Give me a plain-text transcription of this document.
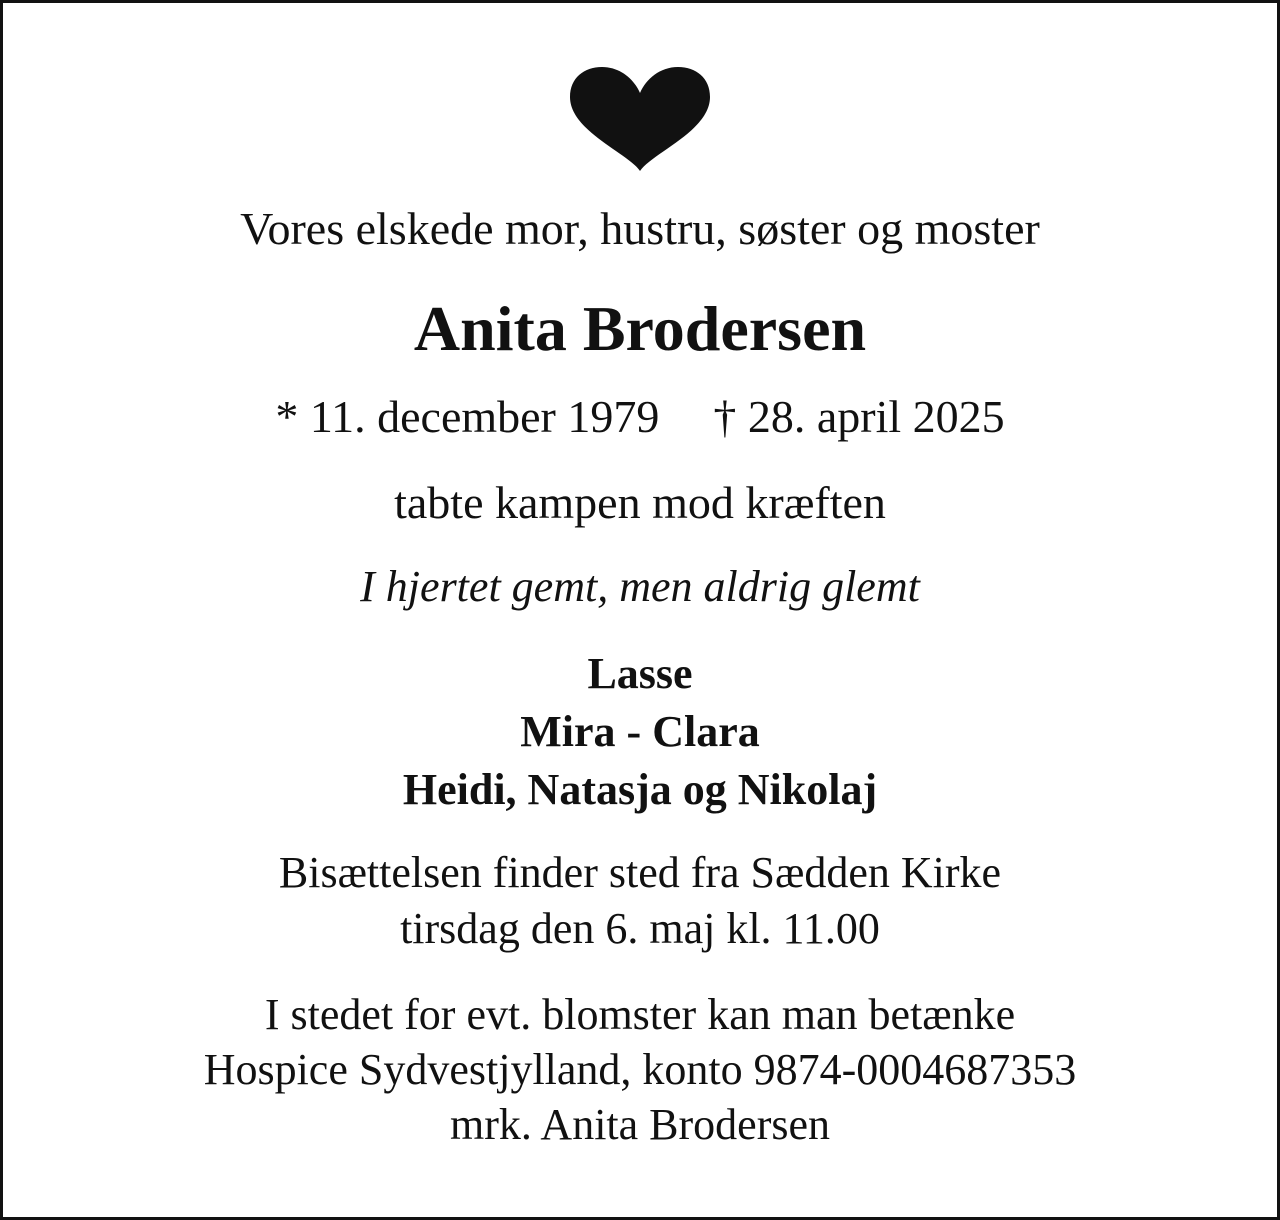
Vores elskede mor, hustru, søster og moster
Anita Brodersen
* 11. december 1979 † 28. april 2025
tabte kampen mod kræften
I hjertet gemt, men aldrig glemt
Lasse
Mira - Clara
Heidi, Natasja og Nikolaj
Bisættelsen finder sted fra Sædden Kirke
tirsdag den 6. maj kl. 11.00
I stedet for evt. blomster kan man betænke
Hospice Sydvestjylland, konto 9874-0004687353
mrk. Anita Brodersen
